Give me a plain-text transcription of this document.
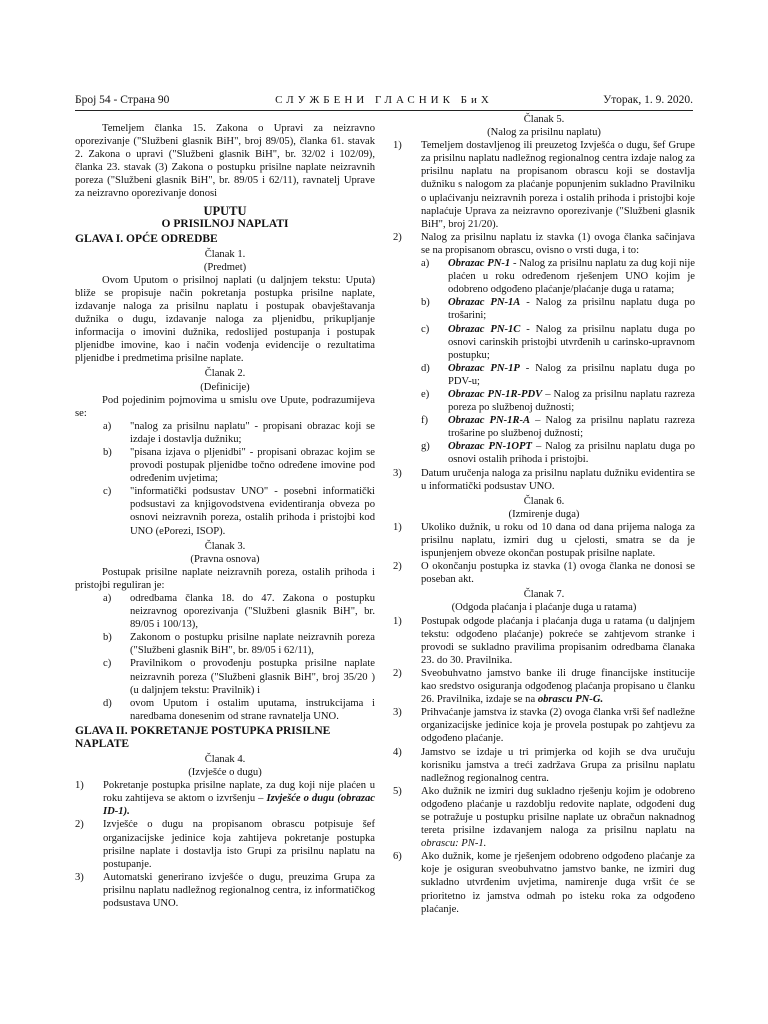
Број 54 - Страна 90	СЛУЖБЕНИ ГЛАСНИК БиХ	Уторак, 1. 9. 2020.

Temeljem članka 15. Zakona o Upravi za neizravno oporezivanje ("Službeni glasnik BiH", broj 89/05), članka 61. stavak 2. Zakona o upravi ("Službeni glasnik BiH", br. 32/02 i 102/09), članka 23. stavak (3) Zakona o postupku prisilne naplate neizravnih poreza ("Službeni glasnik BiH", br. 89/05 i 62/11), ravnatelj Uprave za neizravno oporezivanje donosi

UPUTU

O PRISILNOJ NAPLATI

GLAVA I. OPĆE ODREDBE

Članak 1.

(Predmet)

Ovom Uputom o prisilnoj naplati (u daljnjem tekstu: Uputa) bliže se propisuje način pokretanja postupka prisilne naplate, izdavanje naloga za prisilnu naplatu i postupak obavještavanja dužnika o dugu, izdavanje naloga za pljenidbu, prikupljanje informacija o imovini dužnika, redoslijed postupanja i postupak pljenidbe imovine, kao i način vođenja evidencije o rezultatima pljenidbe i predmetima prisilne naplate.

Članak 2.

(Definicije)

Pod pojedinim pojmovima u smislu ove Upute, podrazumijeva se:

a)	"nalog za prisilnu naplatu" - propisani obrazac koji se izdaje i dostavlja dužniku;
b)	"pisana izjava o pljenidbi" - propisani obrazac kojim se provodi postupak pljenidbe točno određene imovine pod određenim uvjetima;
c)	"informatički podsustav UNO" - posebni informatički podsustavi za knjigovodstvena evidentiranja obveza po osnovi neizravnih poreza, ostalih prihoda i pristojbi kod UNO (ePorezi, ISOP).

Članak 3.

(Pravna osnova)

Postupak prisilne naplate neizravnih poreza, ostalih prihoda i pristojbi reguliran je:

a)	odredbama članka 18. do 47. Zakona o postupku neizravnog oporezivanja ("Službeni glasnik BiH", br. 89/05 i 100/13),
b)	Zakonom o postupku prisilne naplate neizravnih poreza ("Službeni glasnik BiH", br. 89/05 i 62/11),
c)	Pravilnikom o provođenju postupka prisilne naplate neizravnih poreza ("Službeni glasnik BiH", broj 35/20 ) (u daljnjem tekstu: Pravilnik) i
d)	ovom Uputom i ostalim uputama, instrukcijama i naredbama donesenim od strane ravnatelja UNO.

GLAVA II. POKRETANJE POSTUPKA PRISILNE NAPLATE

Članak 4.

(Izvješće o dugu)

1)	Pokretanje postupka prisilne naplate, za dug koji nije plaćen u roku zahtijeva se aktom o izvršenju – Izvješće o dugu (obrazac ID-1).
2)	Izvješće o dugu na propisanom obrascu potpisuje šef organizacijske jedinice koja zahtijeva pokretanje postupka prisilne naplate i dostavlja isto Grupi za prisilnu naplatu na postupanje.
3)	Automatski generirano izvješće o dugu, preuzima Grupa za prisilnu naplatu nadležnog regionalnog centra, iz informatičkog podsustava UNO.

Članak 5.

(Nalog za prisilnu naplatu)

1)	Temeljem dostavljenog ili preuzetog Izvješća o dugu, šef Grupe za prisilnu naplatu nadležnog regionalnog centra izdaje nalog za prisilnu naplatu na propisanom obrascu koji se dostavlja dužniku s nalogom za plaćanje popunjenim sukladno Pravilniku o uplaćivanju neizravnih poreza i ostalih prihoda i pristojbi koje naplaćuje Uprava za neizravno oporezivanje ("Službeni glasnik BiH", broj 21/20).
2)	Nalog za prisilnu naplatu iz stavka (1) ovoga članka sačinjava se na propisanom obrascu, ovisno o vrsti duga, i to:
a)	Obrazac PN-1 - Nalog za prisilnu naplatu za dug koji nije plaćen u roku određenom rješenjem UNO kojim je odobreno odgođeno plaćanje/plaćanje duga u ratama;
b)	Obrazac PN-1A - Nalog za prisilnu naplatu duga po trošarini;
c)	Obrazac PN-1C - Nalog za prisilnu naplatu duga po osnovi carinskih pristojbi utvrđenih u carinsko-upravnom postupku;
d)	Obrazac PN-1P - Nalog za prisilnu naplatu duga po PDV-u;
e)	Obrazac PN-1R-PDV – Nalog za prisilnu naplatu razreza poreza po službenoj dužnosti;
f)	Obrazac PN-1R-A – Nalog za prisilnu naplatu razreza trošarine po službenoj dužnosti;
g)	Obrazac PN-1OPT – Nalog za prisilnu naplatu duga po osnovi ostalih prihoda i pristojbi.
3)	Datum uručenja naloga za prisilnu naplatu dužniku evidentira se u informatički podsustav UNO.

Članak 6.

(Izmirenje duga)

1)	Ukoliko dužnik, u roku od 10 dana od dana prijema naloga za prisilnu naplatu, izmiri dug u cjelosti, smatra se da je ispunjenjem obveze okončan postupak prisilne naplate.
2)	O okončanju postupka iz stavka (1) ovoga članka ne donosi se poseban akt.

Članak 7.

(Odgoda plaćanja i plaćanje duga u ratama)

1)	Postupak odgode plaćanja i plaćanja duga u ratama (u daljnjem tekstu: odgođeno plaćanje) pokreće se zahtjevom stranke i provodi se sukladno pravilima propisanim odredbama članaka 23. do 30. Pravilnika.
2)	Sveobuhvatno jamstvo banke ili druge financijske institucije kao sredstvo osiguranja odgođenog plaćanja propisano u članku 26. Pravilnika, izdaje se na obrascu PN-G.
3)	Prihvaćanje jamstva iz stavka (2) ovoga članka vrši šef nadležne organizacijske jedinice koja je provela postupak po zahtjevu za odgođeno plaćanje.
4)	Jamstvo se izdaje u tri primjerka od kojih se dva uručuju korisniku jamstva a treći zadržava Grupa za prisilnu naplatu nadležnog regionalnog centra.
5)	Ako dužnik ne izmiri dug sukladno rješenju kojim je odobreno odgođeno plaćanje u razdoblju redovite naplate, odgođeni dug se potražuje u postupku prisilne naplate uz obračun naknadnog tereta prisilne izdavanjem naloga za prisilnu naplatu na obrascu: PN-1.
6)	Ako dužnik, kome je rješenjem odobreno odgođeno plaćanje za koje je osiguran sveobuhvatno jamstvo banke, ne izmiri dug sukladno utvrđenim uvjetima, namirenje duga vršit će se prioritetno iz jamstva odmah po isteku roka za odgođeno plaćanje.
